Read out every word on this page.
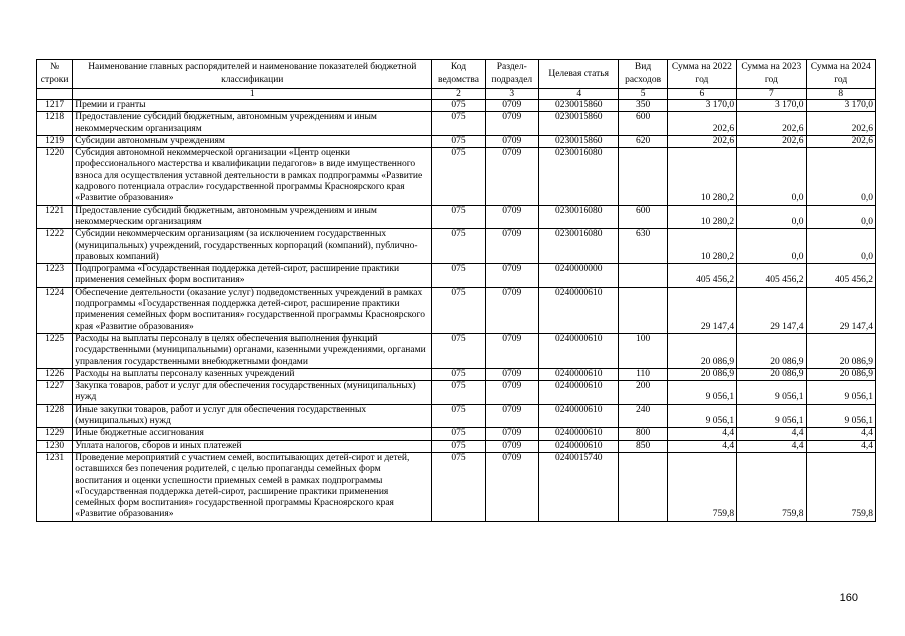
№ строки	Наименование главных распорядителей и наименование показателей бюджетной классификации	Код ведомства	Раздел-подраздел	Целевая статья	Вид расходов	Сумма на 2022 год	Сумма на 2023 год	Сумма на 2024 год
	1	2	3	4	5	6	7	8
1217	Премии и гранты	075	0709	0230015860	350	3 170,0	3 170,0	3 170,0
1218	Предоставление субсидий бюджетным, автономным учреждениям и иным некоммерческим организациям	075	0709	0230015860	600	202,6	202,6	202,6
1219	Субсидии автономным учреждениям	075	0709	0230015860	620	202,6	202,6	202,6
1220	Субсидия автономной некоммерческой организации «Центр оценки профессионального мастерства и квалификации педагогов» в виде имущественного взноса для осуществления уставной деятельности в рамках подпрограммы «Развитие кадрового потенциала отрасли» государственной программы Красноярского края «Развитие образования»	075	0709	0230016080		10 280,2	0,0	0,0
1221	Предоставление субсидий бюджетным, автономным учреждениям и иным некоммерческим организациям	075	0709	0230016080	600	10 280,2	0,0	0,0
1222	Субсидии некоммерческим организациям (за исключением государственных (муниципальных) учреждений, государственных корпораций (компаний), публично-правовых компаний)	075	0709	0230016080	630	10 280,2	0,0	0,0
1223	Подпрограмма «Государственная поддержка детей-сирот, расширение практики применения семейных форм воспитания»	075	0709	0240000000		405 456,2	405 456,2	405 456,2
1224	Обеспечение деятельности (оказание услуг) подведомственных учреждений в рамках подпрограммы «Государственная поддержка детей-сирот, расширение практики применения семейных форм воспитания» государственной программы Красноярского края «Развитие образования»	075	0709	0240000610		29 147,4	29 147,4	29 147,4
1225	Расходы на выплаты персоналу в целях обеспечения выполнения функций государственными (муниципальными) органами, казенными учреждениями, органами управления государственными внебюджетными фондами	075	0709	0240000610	100	20 086,9	20 086,9	20 086,9
1226	Расходы на выплаты персоналу казенных учреждений	075	0709	0240000610	110	20 086,9	20 086,9	20 086,9
1227	Закупка товаров, работ и услуг для обеспечения государственных (муниципальных) нужд	075	0709	0240000610	200	9 056,1	9 056,1	9 056,1
1228	Иные закупки товаров, работ и услуг для обеспечения государственных (муниципальных) нужд	075	0709	0240000610	240	9 056,1	9 056,1	9 056,1
1229	Иные бюджетные ассигнования	075	0709	0240000610	800	4,4	4,4	4,4
1230	Уплата налогов, сборов и иных платежей	075	0709	0240000610	850	4,4	4,4	4,4
1231	Проведение мероприятий с участием семей, воспитывающих детей-сирот и детей, оставшихся без попечения родителей, с целью пропаганды семейных форм воспитания и оценки успешности приемных семей в рамках подпрограммы «Государственная поддержка детей-сирот, расширение практики применения семейных форм воспитания» государственной программы Красноярского края «Развитие образования»	075	0709	0240015740		759,8	759,8	759,8
160
